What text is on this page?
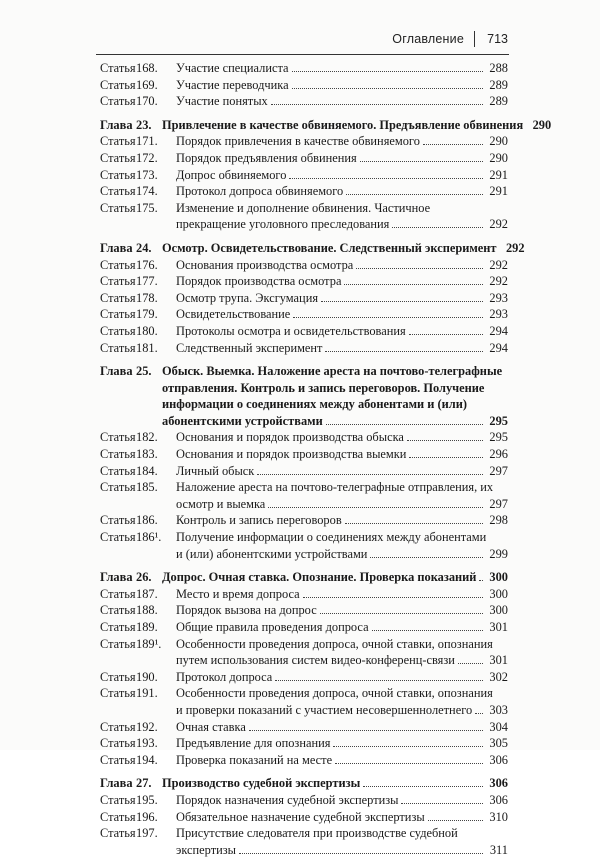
Оглавление 713
Статья 168. Участие специалиста	288
Статья 169. Участие переводчика	289
Статья 170. Участие понятых	289
Глава 23. Привлечение в качестве обвиняемого. Предъявление обвинения 290
Статья 171. Порядок привлечения в качестве обвиняемого	290
Статья 172. Порядок предъявления обвинения	290
Статья 173. Допрос обвиняемого	291
Статья 174. Протокол допроса обвиняемого	291
Статья 175. Изменение и дополнение обвинения. Частичное
прекращение уголовного преследования	292
Глава 24. Осмотр. Освидетельствование. Следственный эксперимент 292
Статья 176. Основания производства осмотра	292
Статья 177. Порядок производства осмотра	292
Статья 178. Осмотр трупа. Эксгумация	293
Статья 179. Освидетельствование	293
Статья 180. Протоколы осмотра и освидетельствования	294
Статья 181. Следственный эксперимент	294
Глава 25. Обыск. Выемка. Наложение ареста на почтово-телеграфные
отправления. Контроль и запись переговоров. Получение
информации о соединениях между абонентами и (или)
абонентскими устройствами	295
Статья 182. Основания и порядок производства обыска	295
Статья 183. Основания и порядок производства выемки	296
Статья 184. Личный обыск	297
Статья 185. Наложение ареста на почтово-телеграфные отправления, их
осмотр и выемка	297
Статья 186. Контроль и запись переговоров	298
Статья 186¹. Получение информации о соединениях между абонентами
и (или) абонентскими устройствами	299
Глава 26. Допрос. Очная ставка. Опознание. Проверка показаний 300
Статья 187. Место и время допроса	300
Статья 188. Порядок вызова на допрос	300
Статья 189. Общие правила проведения допроса	301
Статья 189¹. Особенности проведения допроса, очной ставки, опознания
путем использования систем видео-конференц-связи	301
Статья 190. Протокол допроса	302
Статья 191. Особенности проведения допроса, очной ставки, опознания
и проверки показаний с участием несовершеннолетнего 303
Статья 192. Очная ставка	304
Статья 193. Предъявление для опознания	305
Статья 194. Проверка показаний на месте	306
Глава 27. Производство судебной экспертизы	306
Статья 195. Порядок назначения судебной экспертизы	306
Статья 196. Обязательное назначение судебной экспертизы	310
Статья 197. Присутствие следователя при производстве судебной
экспертизы	311
